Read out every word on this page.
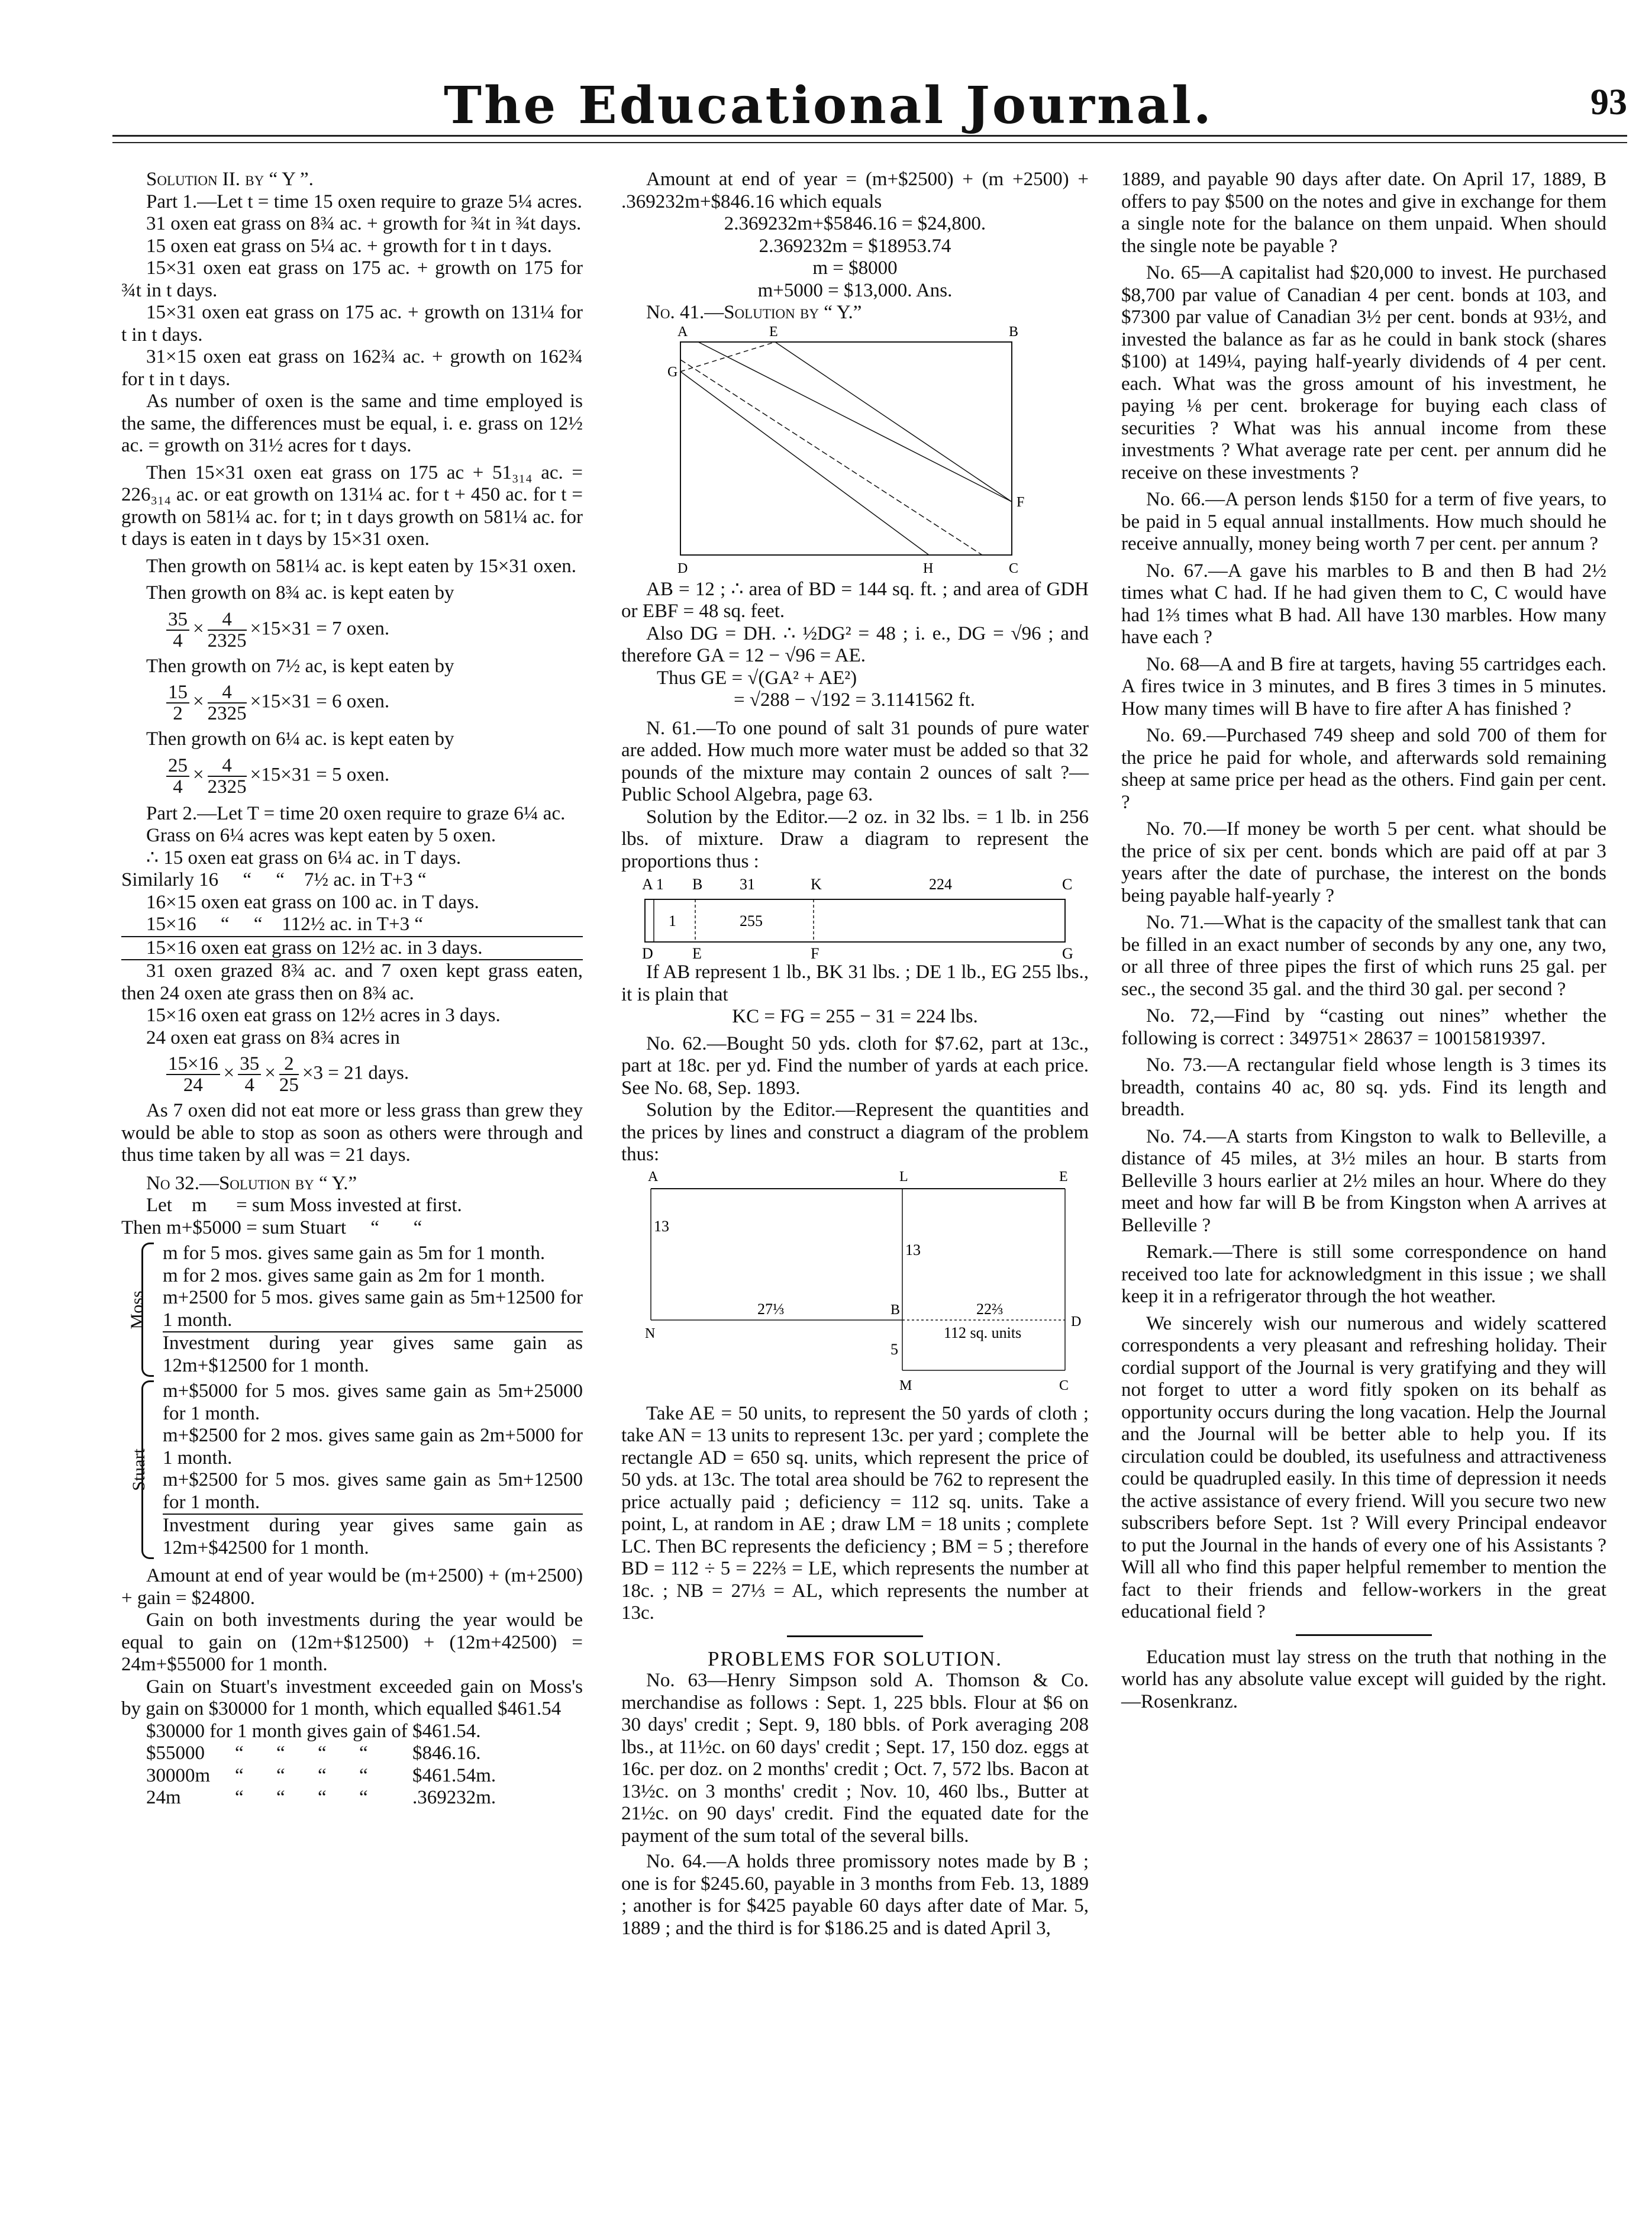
The Educational Journal.	93

Solution II. by “ Y ”.

Part 1.—Let t = time 15 oxen require to graze 5¼ acres.

31 oxen eat grass on 8¾ ac. + growth for ¾t in ¾t days.

15 oxen eat grass on 5¼ ac. + growth for t in t days.

15×31 oxen eat grass on 175 ac. + growth on 175 for ¾t in t days.

15×31 oxen eat grass on 175 ac. + growth on 131¼ for t in t days.

31×15 oxen eat grass on 162¾ ac. + growth on 162¾ for t in t days.

As number of oxen is the same and time employed is the same, the differences must be equal, i. e. grass on 12½ ac. = growth on 31½ acres for t days.

Then 15×31 oxen eat grass on 175 ac + 51₃₁₄ ac. = 226₃₁₄ ac. or eat growth on 131¼ ac. for t + 450 ac. for t = growth on 581¼ ac. for t; in t days growth on 581¼ ac. for t days is eaten in t days by 15×31 oxen.

Then growth on 581¼ ac. is kept eaten by 15×31 oxen.

Then growth on 8¾ ac. is kept eaten by

$\frac{35}{4} \times \frac{4}{2325} \times 15\times 31 = 7$ oxen.

Then growth on 7½ ac, is kept eaten by

$\frac{15}{2} \times \frac{4}{2325} \times 15\times 31 = 6$ oxen.

Then growth on 6¼ ac. is kept eaten by

$\frac{25}{4} \times \frac{4}{2325} \times 15\times 31 = 5$ oxen.

Part 2.—Let T = time 20 oxen require to graze 6¼ ac.

Grass on 6¼ acres was kept eaten by 5 oxen.

∴ 15 oxen eat grass on 6¼ ac. in T days.

Similarly 16     “     “    7½ ac. in T+3 “

16×15 oxen eat grass on 100 ac. in T days.

15×16     “     “    112½ ac. in T+3 “

15×16 oxen eat grass on 12½ ac. in 3 days.

31 oxen grazed 8¾ ac. and 7 oxen kept grass eaten, then 24 oxen ate grass then on 8¾ ac.

15×16 oxen eat grass on 12½ acres in 3 days.

24 oxen eat grass on 8¾ acres in

$\frac{15\times 16}{24} \times \frac{35}{4} \times \frac{2}{25} \times 3 = 21$ days.

As 7 oxen did not eat more or less grass than grew they would be able to stop as soon as others were through and thus time taken by all was = 21 days.

No 32.—Solution by “ Y.”

Let    m      = sum Moss invested at first.

Then m+$5000 = sum Stuart     “       “

Moss

m for 5 mos. gives same gain as 5m for 1 month.

m for 2 mos. gives same gain as 2m for 1 month.

m+2500 for 5 mos. gives same gain as 5m+12500 for 1 month.

Investment during year gives same gain as 12m+$12500 for 1 month.

Stuart

m+$5000 for 5 mos. gives same gain as 5m+25000 for 1 month.

m+$2500 for 2 mos. gives same gain as 2m+5000 for 1 month.

m+$2500 for 5 mos. gives same gain as 5m+12500 for 1 month.

Investment during year gives same gain as 12m+$42500 for 1 month.

Amount at end of year would be (m+2500) + (m+2500) + gain = $24800.

Gain on both investments during the year would be equal to gain on (12m+$12500) + (12m+42500) = 24m+$55000 for 1 month.

Gain on Stuart's investment exceeded gain on Moss's by gain on $30000 for 1 month, which equalled $461.54

$30000 for 1 month gives gain of $461.54.

$55000	“	“	“	“	$846.16.
30000m	“	“	“	“	$461.54m.
24m	“	“	“	“	.369232m.

Amount at end of year = (m+$2500) + (m +2500) + .369232m+$846.16 which equals

2.369232m+$5846.16 = $24,800.

2.369232m = $18953.74

m = $8000

m+5000 = $13,000. Ans.

No. 41.—Solution by “ Y.”

A	E	B
G
F
D	H	C

AB = 12 ; ∴ area of BD = 144 sq. ft. ; and area of GDH or EBF = 48 sq. feet.

Also DG = DH. ∴ ½DG² = 48 ; i. e., DG = √96 ; and therefore GA = 12 − √96 = AE.

Thus GE = √(GA² + AE²)

= √288 − √192 = 3.1141562 ft.

N. 61.—To one pound of salt 31 pounds of pure water are added. How much more water must be added so that 32 pounds of the mixture may contain 2 ounces of salt ?—Public School Algebra, page 63.

Solution by the Editor.—2 oz. in 32 lbs. = 1 lb. in 256 lbs. of mixture. Draw a diagram to represent the proportions thus :

A 1 B 31	K	224	C
1	255
D	E	F	G

If AB represent 1 lb., BK 31 lbs. ; DE 1 lb., EG 255 lbs., it is plain that

KC = FG = 255 − 31 = 224 lbs.

No. 62.—Bought 50 yds. cloth for $7.62, part at 13c., part at 18c. per yd. Find the number of yards at each price. See No. 68, Sep. 1893.

Solution by the Editor.—Represent the quantities and the prices by lines and construct a diagram of the problem thus:

A	L	E
13
13
27⅓	B	22⅔
D
N	112 sq. units
5
M	C

Take AE = 50 units, to represent the 50 yards of cloth ; take AN = 13 units to represent 13c. per yard ; complete the rectangle AD = 650 sq. units, which represent the price of 50 yds. at 13c. The total area should be 762 to represent the price actually paid ; deficiency = 112 sq. units. Take a point, L, at random in AE ; draw LM = 18 units ; complete LC. Then BC represents the deficiency ; BM = 5 ; therefore BD = 112 ÷ 5 = 22⅔ = LE, which represents the number at 18c. ; NB = 27⅓ = AL, which represents the number at 13c.

PROBLEMS FOR SOLUTION.

No. 63—Henry Simpson sold A. Thomson & Co. merchandise as follows : Sept. 1, 225 bbls. Flour at $6 on 30 days' credit ; Sept. 9, 180 bbls. of Pork averaging 208 lbs., at 11½c. on 60 days' credit ; Sept. 17, 150 doz. eggs at 16c. per doz. on 2 months' credit ; Oct. 7, 572 lbs. Bacon at 13½c. on 3 months' credit ; Nov. 10, 460 lbs., Butter at 21½c. on 90 days' credit. Find the equated date for the payment of the sum total of the several bills.

No. 64.—A holds three promissory notes made by B ; one is for $245.60, payable in 3 months from Feb. 13, 1889 ; another is for $425 payable 60 days after date of Mar. 5, 1889 ; and the third is for $186.25 and is dated April 3,

1889, and payable 90 days after date. On April 17, 1889, B offers to pay $500 on the notes and give in exchange for them a single note for the balance on them unpaid. When should the single note be payable ?

No. 65—A capitalist had $20,000 to invest. He purchased $8,700 par value of Canadian 4 per cent. bonds at 103, and $7300 par value of Canadian 3½ per cent. bonds at 93½, and invested the balance as far as he could in bank stock (shares $100) at 149¼, paying half-yearly dividends of 4 per cent. each. What was the gross amount of his investment, he paying ⅛ per cent. brokerage for buying each class of securities ? What was his annual income from these investments ? What average rate per cent. per annum did he receive on these investments ?

No. 66.—A person lends $150 for a term of five years, to be paid in 5 equal annual installments. How much should he receive annually, money being worth 7 per cent. per annum ?

No. 67.—A gave his marbles to B and then B had 2½ times what C had. If he had given them to C, C would have had 1⅔ times what B had. All have 130 marbles. How many have each ?

No. 68—A and B fire at targets, having 55 cartridges each. A fires twice in 3 minutes, and B fires 3 times in 5 minutes. How many times will B have to fire after A has finished ?

No. 69.—Purchased 749 sheep and sold 700 of them for the price he paid for whole, and afterwards sold remaining sheep at same price per head as the others. Find gain per cent. ?

No. 70.—If money be worth 5 per cent. what should be the price of six per cent. bonds which are paid off at par 3 years after the date of purchase, the interest on the bonds being payable half-yearly ?

No. 71.—What is the capacity of the smallest tank that can be filled in an exact number of seconds by any one, any two, or all three of three pipes the first of which runs 25 gal. per sec., the second 35 gal. and the third 30 gal. per second ?

No. 72,—Find by “casting out nines” whether the following is correct : 349751× 28637 = 10015819397.

No. 73.—A rectangular field whose length is 3 times its breadth, contains 40 ac, 80 sq. yds. Find its length and breadth.

No. 74.—A starts from Kingston to walk to Belleville, a distance of 45 miles, at 3½ miles an hour. B starts from Belleville 3 hours earlier at 2½ miles an hour. Where do they meet and how far will B be from Kingston when A arrives at Belleville ?

Remark.—There is still some correspondence on hand received too late for acknowledgment in this issue ; we shall keep it in a refrigerator through the hot weather.

We sincerely wish our numerous and widely scattered correspondents a very pleasant and refreshing holiday. Their cordial support of the Journal is very gratifying and they will not forget to utter a word fitly spoken on its behalf as opportunity occurs during the long vacation. Help the Journal and the Journal will be better able to help you. If its circulation could be doubled, its usefulness and attractiveness could be quadrupled easily. In this time of depression it needs the active assistance of every friend. Will you secure two new subscribers before Sept. 1st ? Will every Principal endeavor to put the Journal in the hands of every one of his Assistants ? Will all who find this paper helpful remember to mention the fact to their friends and fellow-workers in the great educational field ?

Education must lay stress on the truth that nothing in the world has any absolute value except will guided by the right.—Rosenkranz.
